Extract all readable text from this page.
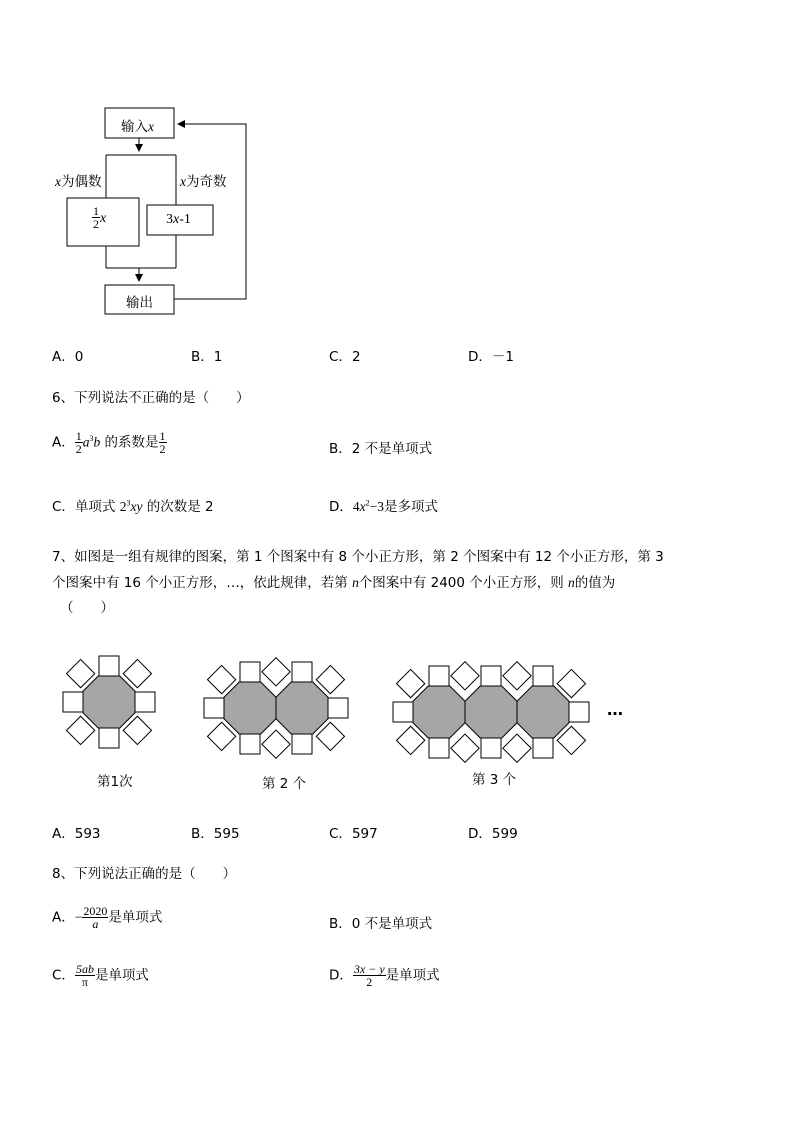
输入x
x为偶数	x为奇数
$\frac{1}{2}$ x	3x-1
输出
A．0	B．1	C．2	D．－1
6、下列说法不正确的是（　　）
A． $\frac{1}{2} a^3b$ 的系数是 $\frac{1}{2}$	B．2 不是单项式
C．单项式 $2^3xy$ 的次数是 2	D．$4x^2-3$是多项式
7、如图是一组有规律的图案，第 1 个图案中有 8 个小正方形，第 2 个图案中有 12 个小正方形，第 3
个图案中有 16 个小正方形，…，依此规律，若第 n个图案中有 2400 个小正方形，则 n的值为
（　　）
第1次	第 2 个	第 3 个
…
A．593	B．595	C．597	D．599
8、下列说法正确的是（　　）
A．− $\frac{2020}{a}$ 是单项式	B．0 不是单项式
C． $\frac{5ab}{\pi}$ 是单项式	D． $\frac{3x - y}{2}$ 是单项式
